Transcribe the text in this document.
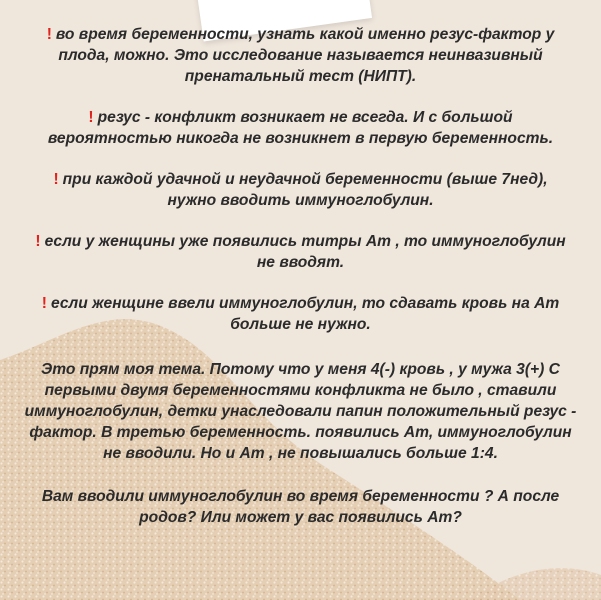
! во время беременности, узнать какой именно резус-фактор у плода, можно. Это исследование называется неинвазивный пренатальный тест (НИПТ).
! резус - конфликт возникает не всегда. И с большой вероятностью никогда не возникнет в первую беременность.
! при каждой удачной и неудачной беременности (выше 7нед), нужно вводить иммуноглобулин.
! если у женщины уже появились титры Ат , то иммуноглобулин не вводят.
! если женщине ввели иммуноглобулин, то сдавать кровь на Ат больше не нужно.
Это прям моя тема. Потому что у меня 4(-) кровь , у мужа 3(+) С первыми двумя беременностями конфликта не было , ставили иммуноглобулин, детки унаследовали папин положительный резус - фактор. В третью беременность. появились Ат, иммуноглобулин не вводили. Но и Ат , не повышались больше 1:4.
Вам вводили иммуноглобулин во время беременности ? А после родов? Или может у вас появились Ат?
